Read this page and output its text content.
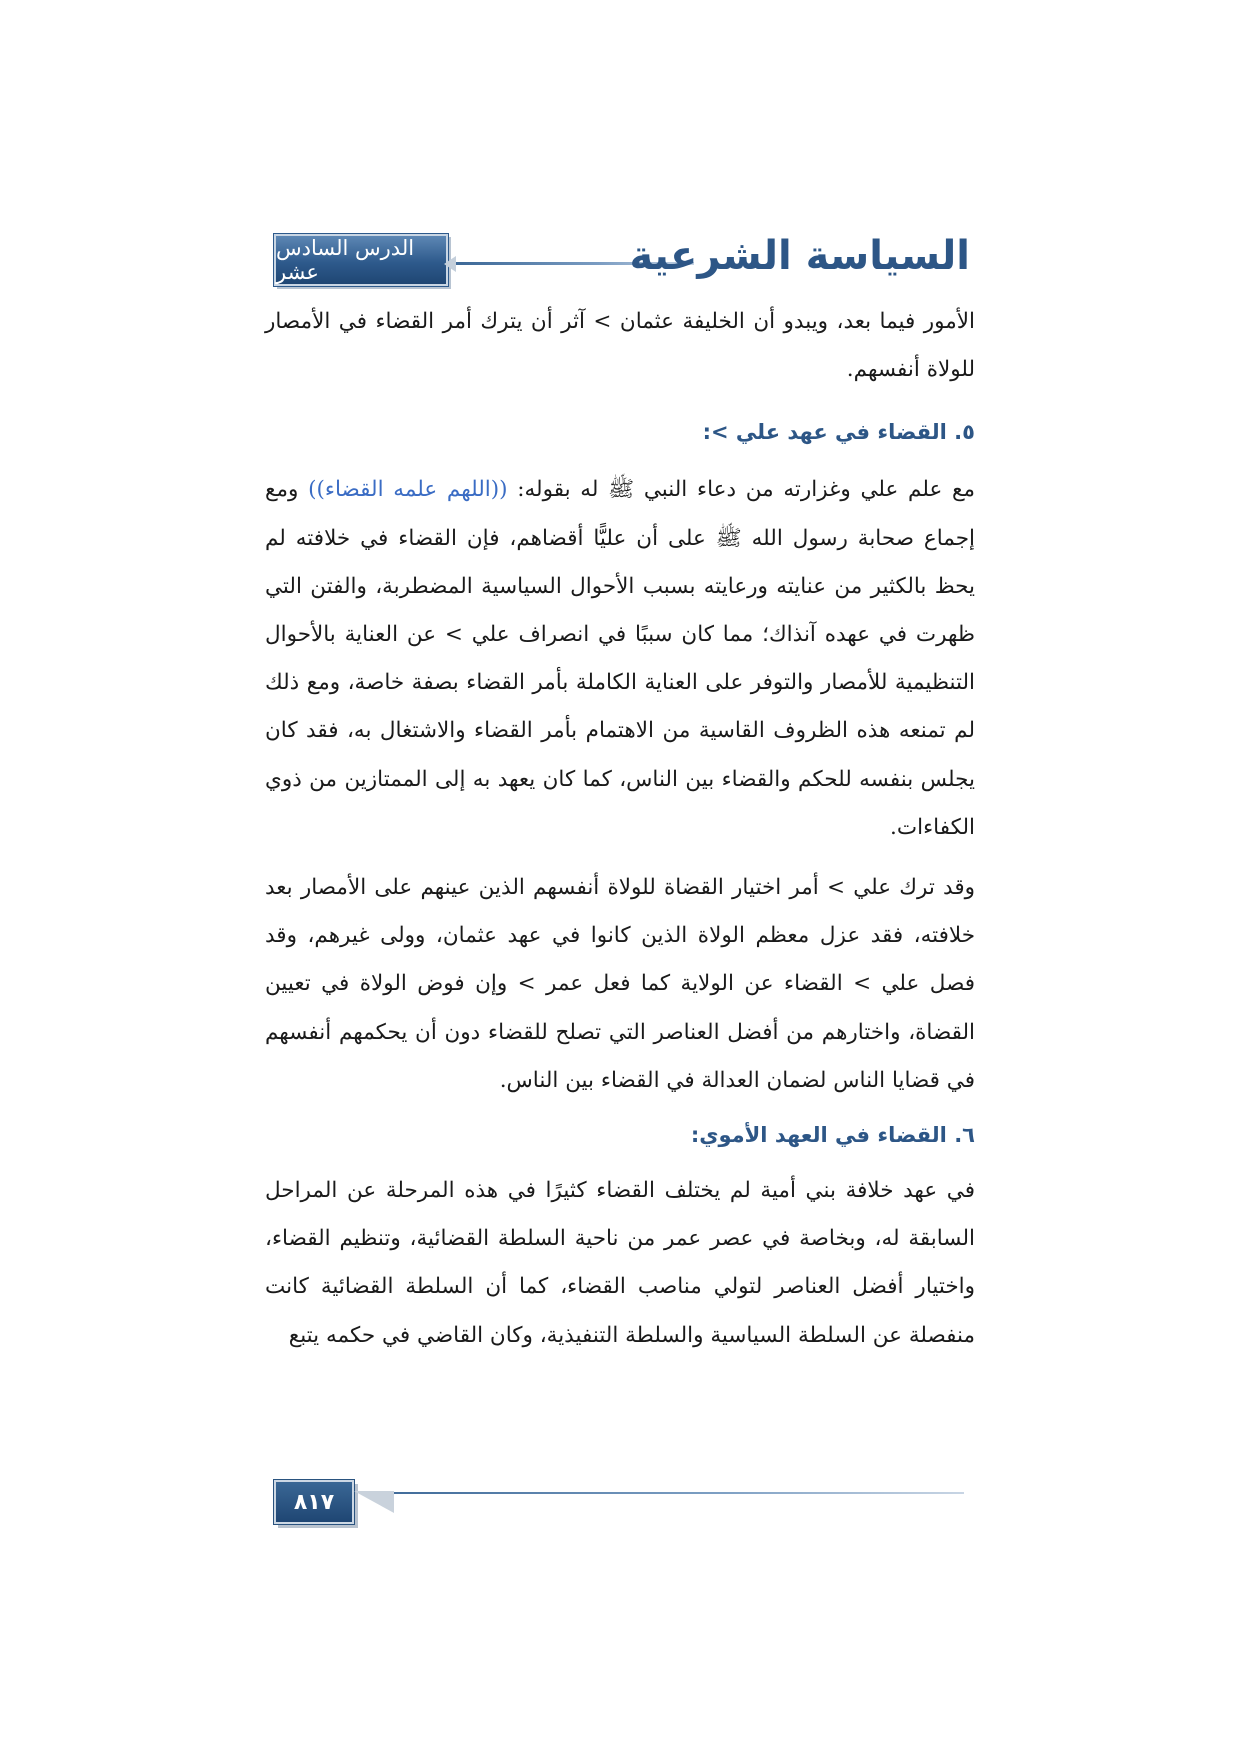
الدرس السادس عشر	السياسة الشرعية

الأمور فيما بعد، ويبدو أن الخليفة عثمان > آثر أن يترك أمر القضاء في الأمصار للولاة أنفسهم.

٥. القضاء في عهد علي >:

مع علم علي وغزارته من دعاء النبي ﷺ له بقوله: ((اللهم علمه القضاء)) ومع إجماع صحابة رسول الله ﷺ على أن عليًّا أقضاهم، فإن القضاء في خلافته لم يحظ بالكثير من عنايته ورعايته بسبب الأحوال السياسية المضطربة، والفتن التي ظهرت في عهده آنذاك؛ مما كان سببًا في انصراف علي > عن العناية بالأحوال التنظيمية للأمصار والتوفر على العناية الكاملة بأمر القضاء بصفة خاصة، ومع ذلك لم تمنعه هذه الظروف القاسية من الاهتمام بأمر القضاء والاشتغال به، فقد كان يجلس بنفسه للحكم والقضاء بين الناس، كما كان يعهد به إلى الممتازين من ذوي الكفاءات.

وقد ترك علي > أمر اختيار القضاة للولاة أنفسهم الذين عينهم على الأمصار بعد خلافته، فقد عزل معظم الولاة الذين كانوا في عهد عثمان، وولى غيرهم، وقد فصل علي > القضاء عن الولاية كما فعل عمر > وإن فوض الولاة في تعيين القضاة، واختارهم من أفضل العناصر التي تصلح للقضاء دون أن يحكمهم أنفسهم في قضايا الناس لضمان العدالة في القضاء بين الناس.

٦. القضاء في العهد الأموي:

في عهد خلافة بني أمية لم يختلف القضاء كثيرًا في هذه المرحلة عن المراحل السابقة له، وبخاصة في عصر عمر من ناحية السلطة القضائية، وتنظيم القضاء، واختيار أفضل العناصر لتولي مناصب القضاء، كما أن السلطة القضائية كانت منفصلة عن السلطة السياسية والسلطة التنفيذية، وكان القاضي في حكمه يتبع

٨١٧
